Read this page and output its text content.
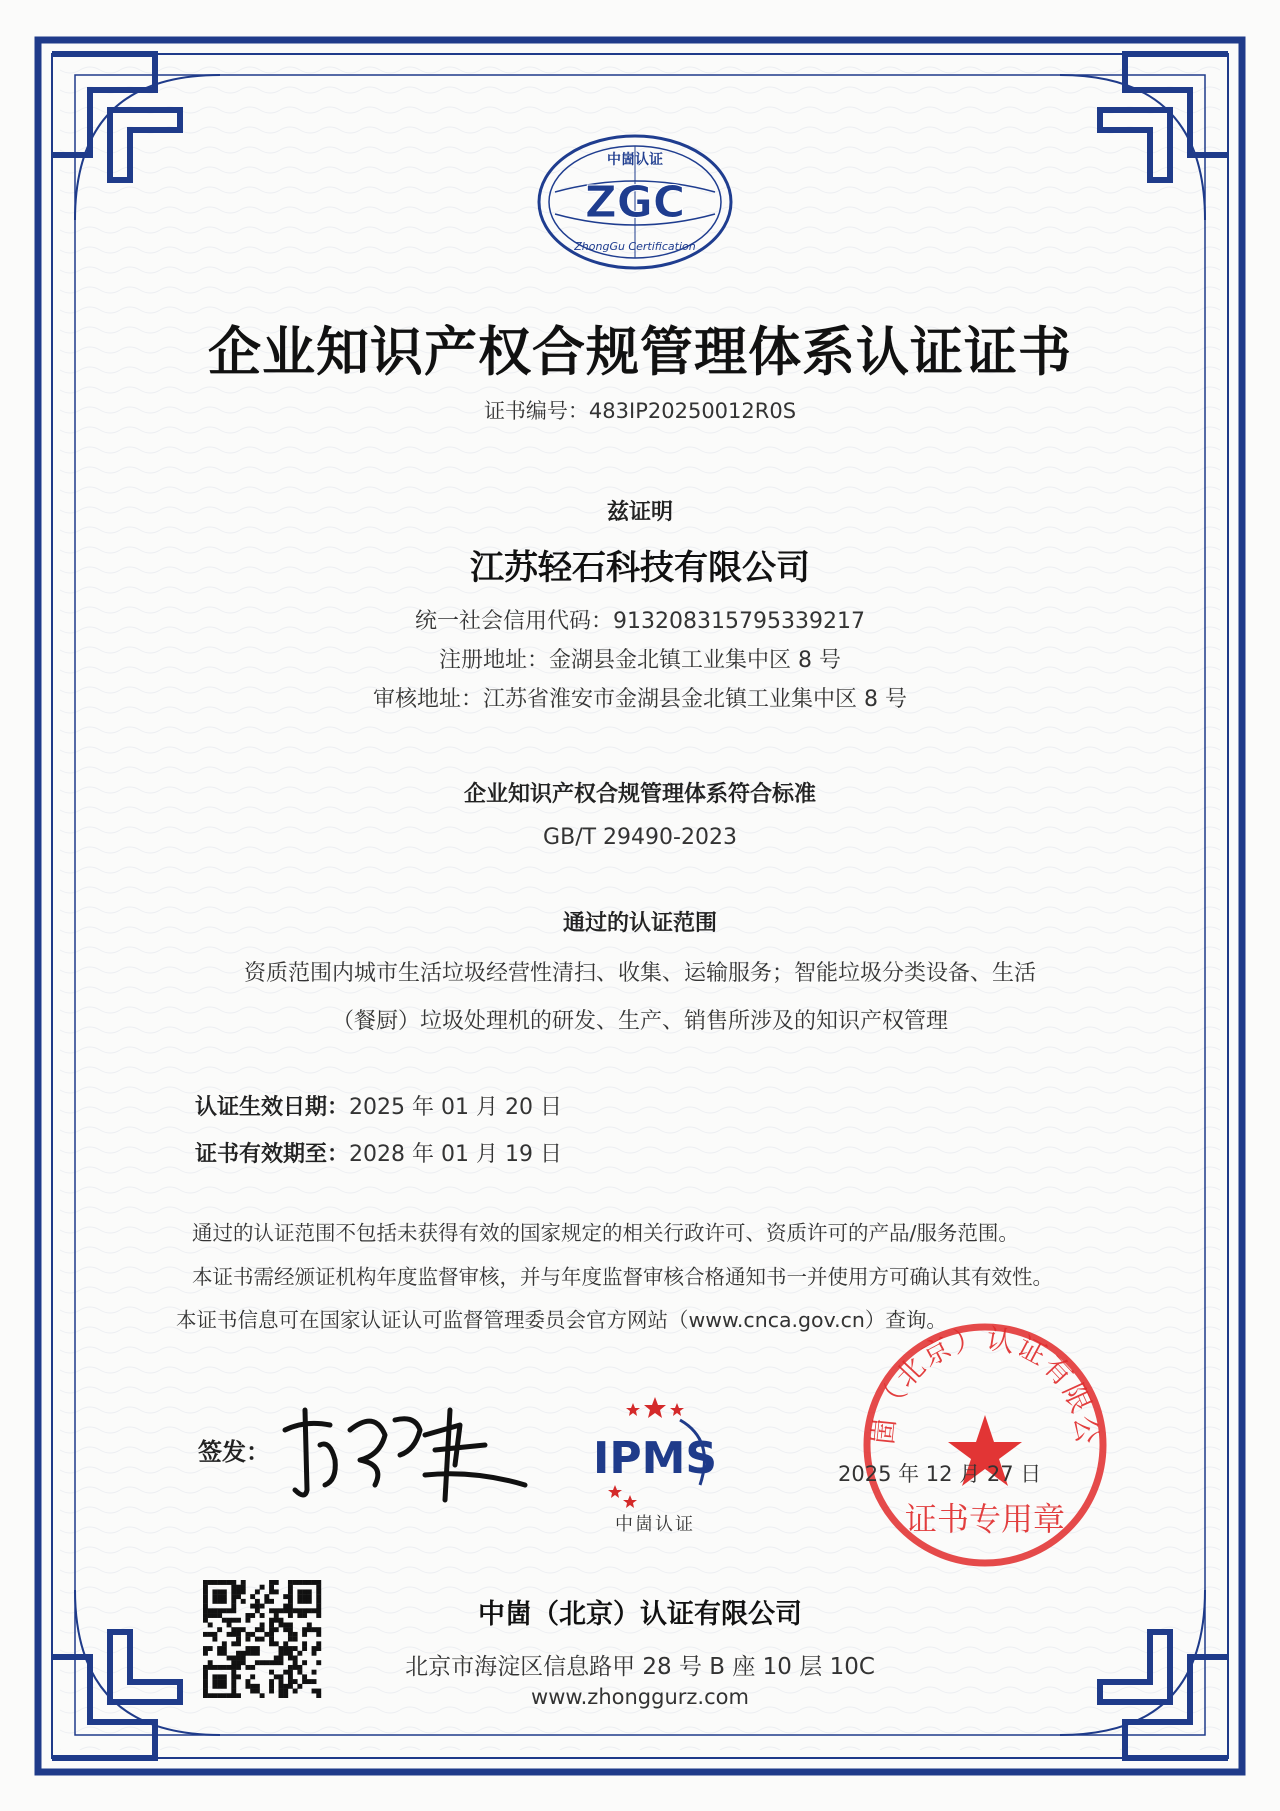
中崮认证
ZGC
ZhongGu Certification
企业知识产权合规管理体系认证证书
证书编号：483IP20250012R0S
兹证明
江苏轻石科技有限公司
统一社会信用代码：913208315795339217
注册地址：金湖县金北镇工业集中区 8 号
审核地址：江苏省淮安市金湖县金北镇工业集中区 8 号
企业知识产权合规管理体系符合标准
GB/T 29490-2023
通过的认证范围
资质范围内城市生活垃圾经营性清扫、收集、运输服务；智能垃圾分类设备、生活
（餐厨）垃圾处理机的研发、生产、销售所涉及的知识产权管理
认证生效日期：2025 年 01 月 20 日
证书有效期至：2028 年 01 月 19 日
通过的认证范围不包括未获得有效的国家规定的相关行政许可、资质许可的产品/服务范围。
本证书需经颁证机构年度监督审核，并与年度监督审核合格通知书一并使用方可确认其有效性。
本证书信息可在国家认证认可监督管理委员会官方网站（www.cnca.gov.cn）查询。
签发：	IPMS
中崮认证
崮（北京）认证有限公
证书专用章
2025 年 12 月 27 日
中崮（北京）认证有限公司
北京市海淀区信息路甲 28 号 B 座 10 层 10C
www.zhonggurz.com
